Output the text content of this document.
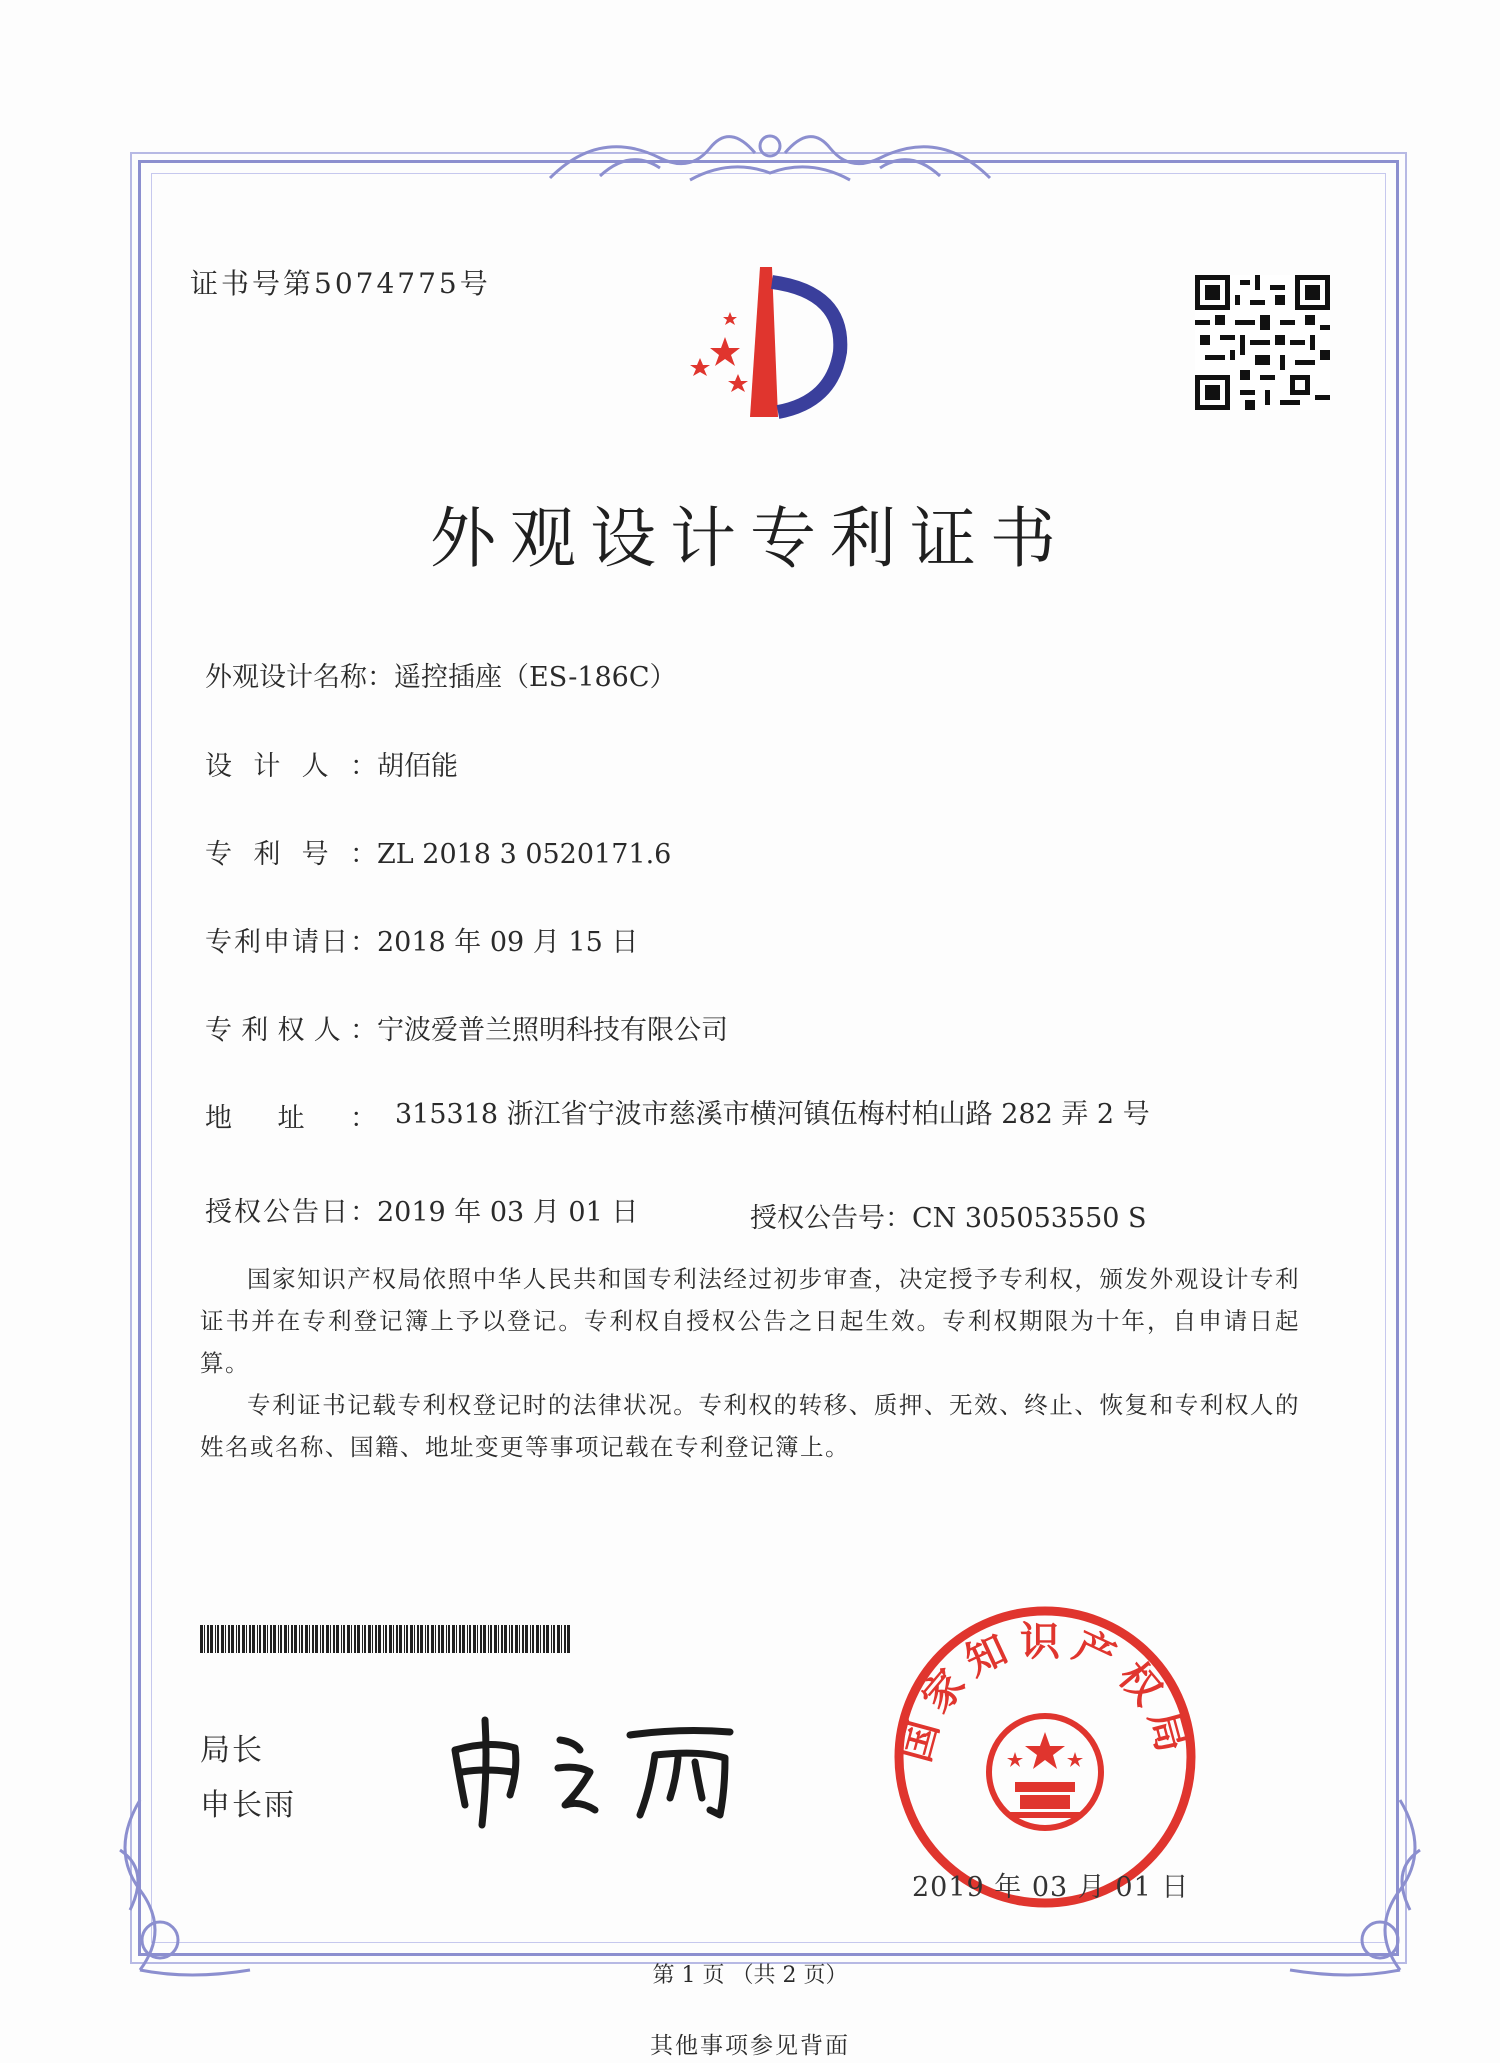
证书号第5074775号
外观设计专利证书
外观设计名称：遥控插座（ES-186C）
设计人：胡佰能
专利号：ZL 2018 3 0520171.6
专利申请日：2018 年 09 月 15 日
专利权人：宁波爱普兰照明科技有限公司
地址： 315318 浙江省宁波市慈溪市横河镇伍梅村柏山路 282 弄 2 号
授权公告日：2019 年 03 月 01 日	授权公告号：CN 305053550 S
国家知识产权局依照中华人民共和国专利法经过初步审查，决定授予专利权，颁发外观设计专利证书并在专利登记簿上予以登记。专利权自授权公告之日起生效。专利权期限为十年，自申请日起算。
专利证书记载专利权登记时的法律状况。专利权的转移、质押、无效、终止、恢复和专利权人的姓名或名称、国籍、地址变更等事项记载在专利登记簿上。
局长
申长雨
国家知识产权局
2019 年 03 月 01 日
第 1 页 （共 2 页）
其他事项参见背面
